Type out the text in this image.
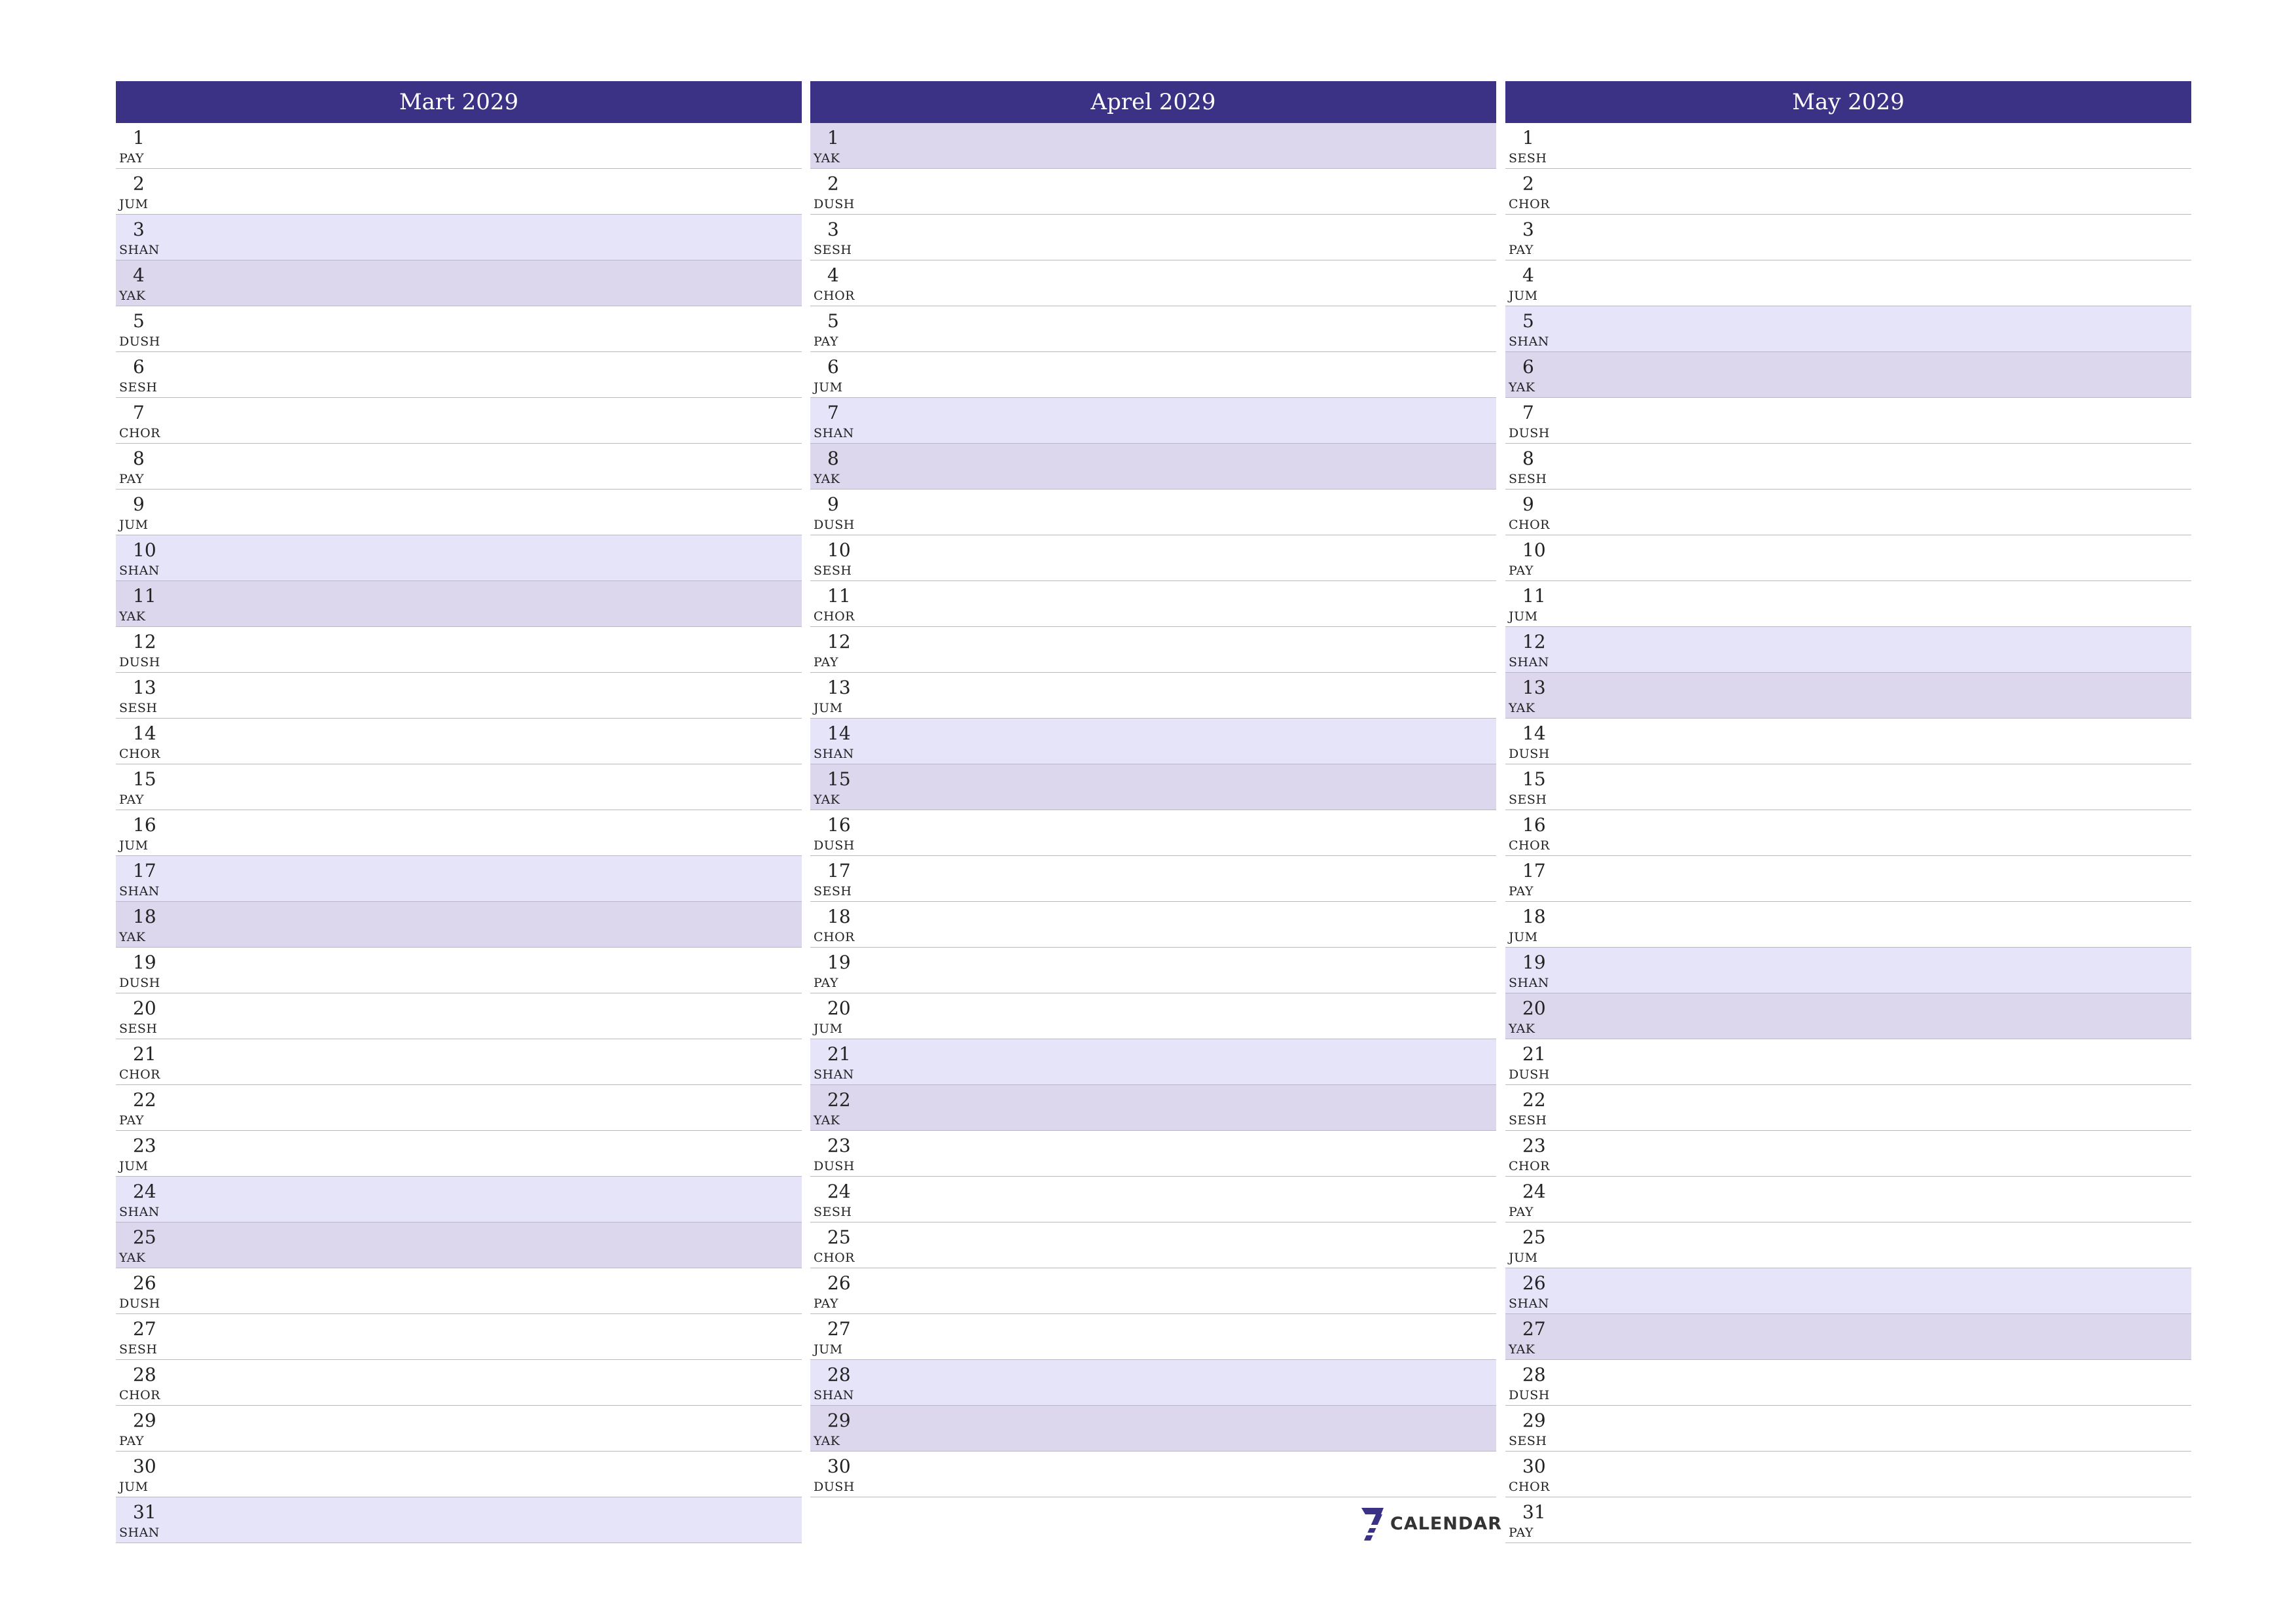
Mart 2029
1
PAY
2
JUM
3
SHAN
4
YAK
5
DUSH
6
SESH
7
CHOR
8
PAY
9
JUM
10
SHAN
11
YAK
12
DUSH
13
SESH
14
CHOR
15
PAY
16
JUM
17
SHAN
18
YAK
19
DUSH
20
SESH
21
CHOR
22
PAY
23
JUM
24
SHAN
25
YAK
26
DUSH
27
SESH
28
CHOR
29
PAY
30
JUM
31
SHAN
Aprel 2029
1
YAK
2
DUSH
3
SESH
4
CHOR
5
PAY
6
JUM
7
SHAN
8
YAK
9
DUSH
10
SESH
11
CHOR
12
PAY
13
JUM
14
SHAN
15
YAK
16
DUSH
17
SESH
18
CHOR
19
PAY
20
JUM
21
SHAN
22
YAK
23
DUSH
24
SESH
25
CHOR
26
PAY
27
JUM
28
SHAN
29
YAK
30
DUSH
May 2029
1
SESH
2
CHOR
3
PAY
4
JUM
5
SHAN
6
YAK
7
DUSH
8
SESH
9
CHOR
10
PAY
11
JUM
12
SHAN
13
YAK
14
DUSH
15
SESH
16
CHOR
17
PAY
18
JUM
19
SHAN
20
YAK
21
DUSH
22
SESH
23
CHOR
24
PAY
25
JUM
26
SHAN
27
YAK
28
DUSH
29
SESH
30
CHOR
31
PAY
CALENDAR
